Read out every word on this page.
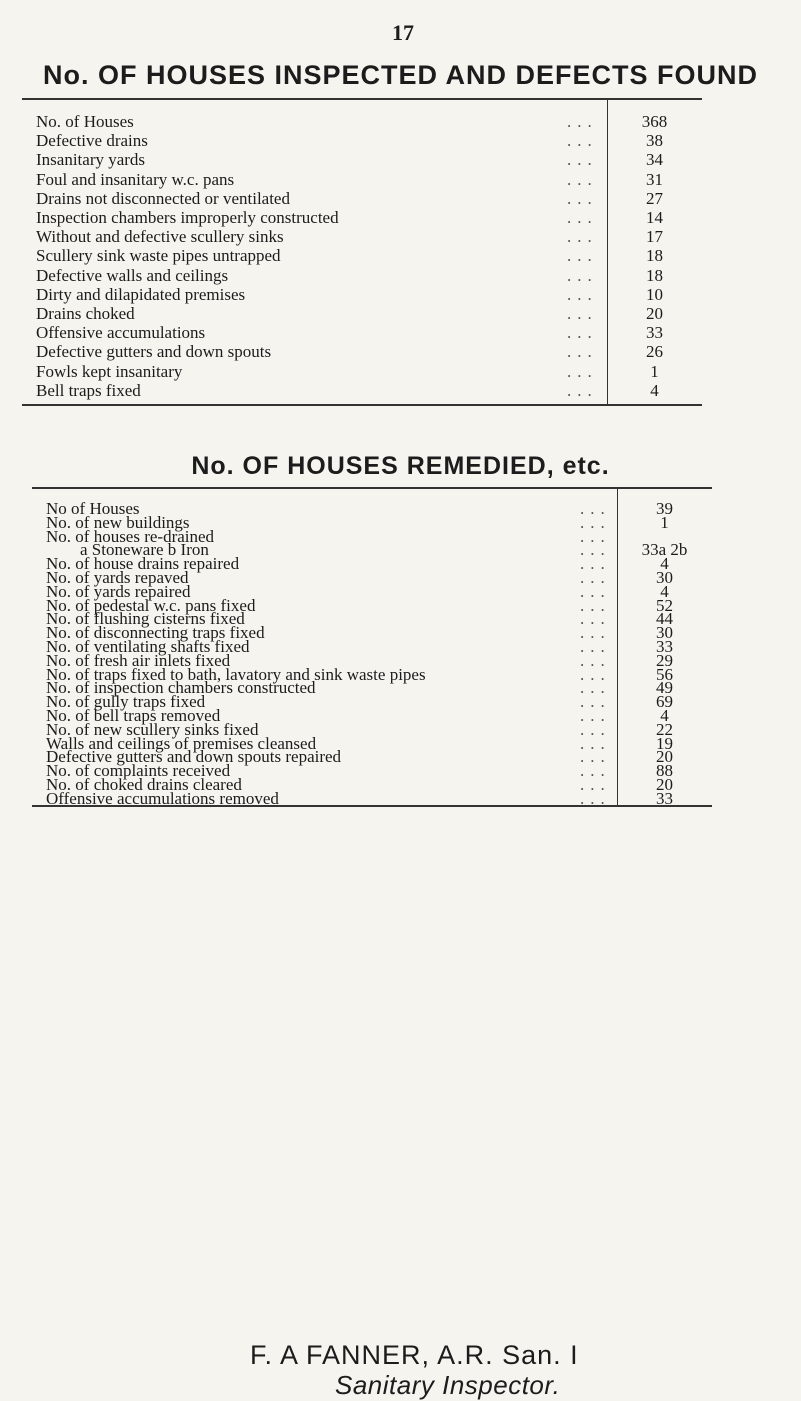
17
No. OF HOUSES INSPECTED AND DEFECTS FOUND
No. of Houses	...	368
Defective drains	...	38
Insanitary yards	...	34
Foul and insanitary w.c. pans	...	31
Drains not disconnected or ventilated	...	27
Inspection chambers improperly constructed	...	14
Without and defective scullery sinks	...	17
Scullery sink waste pipes untrapped	...	18
Defective walls and ceilings	...	18
Dirty and dilapidated premises	...	10
Drains choked	...	20
Offensive accumulations	...	33
Defective gutters and down spouts	...	26
Fowls kept insanitary	...	1
Bell traps fixed	...	4
No. OF HOUSES REMEDIED, etc.
No of Houses	...	39
No. of new buildings	...	1
No. of houses re-drained	...
a Stoneware b Iron	...	33a 2b
No. of house drains repaired	...	4
No. of yards repaved	...	30
No. of yards repaired	...	4
No. of pedestal w.c. pans fixed	...	52
No. of flushing cisterns fixed	...	44
No. of disconnecting traps fixed	...	30
No. of ventilating shafts fixed	...	33
No. of fresh air inlets fixed	...	29
No. of traps fixed to bath, lavatory and sink waste pipes	...	56
No. of inspection chambers constructed	...	49
No. of gully traps fixed	...	69
No. of bell traps removed	...	4
No. of new scullery sinks fixed	...	22
Walls and ceilings of premises cleansed	...	19
Defective gutters and down spouts repaired	...	20
No. of complaints received	...	88
No. of choked drains cleared	...	20
Offensive accumulations removed	...	33
F. A FANNER, A.R. San. I
Sanitary Inspector.
